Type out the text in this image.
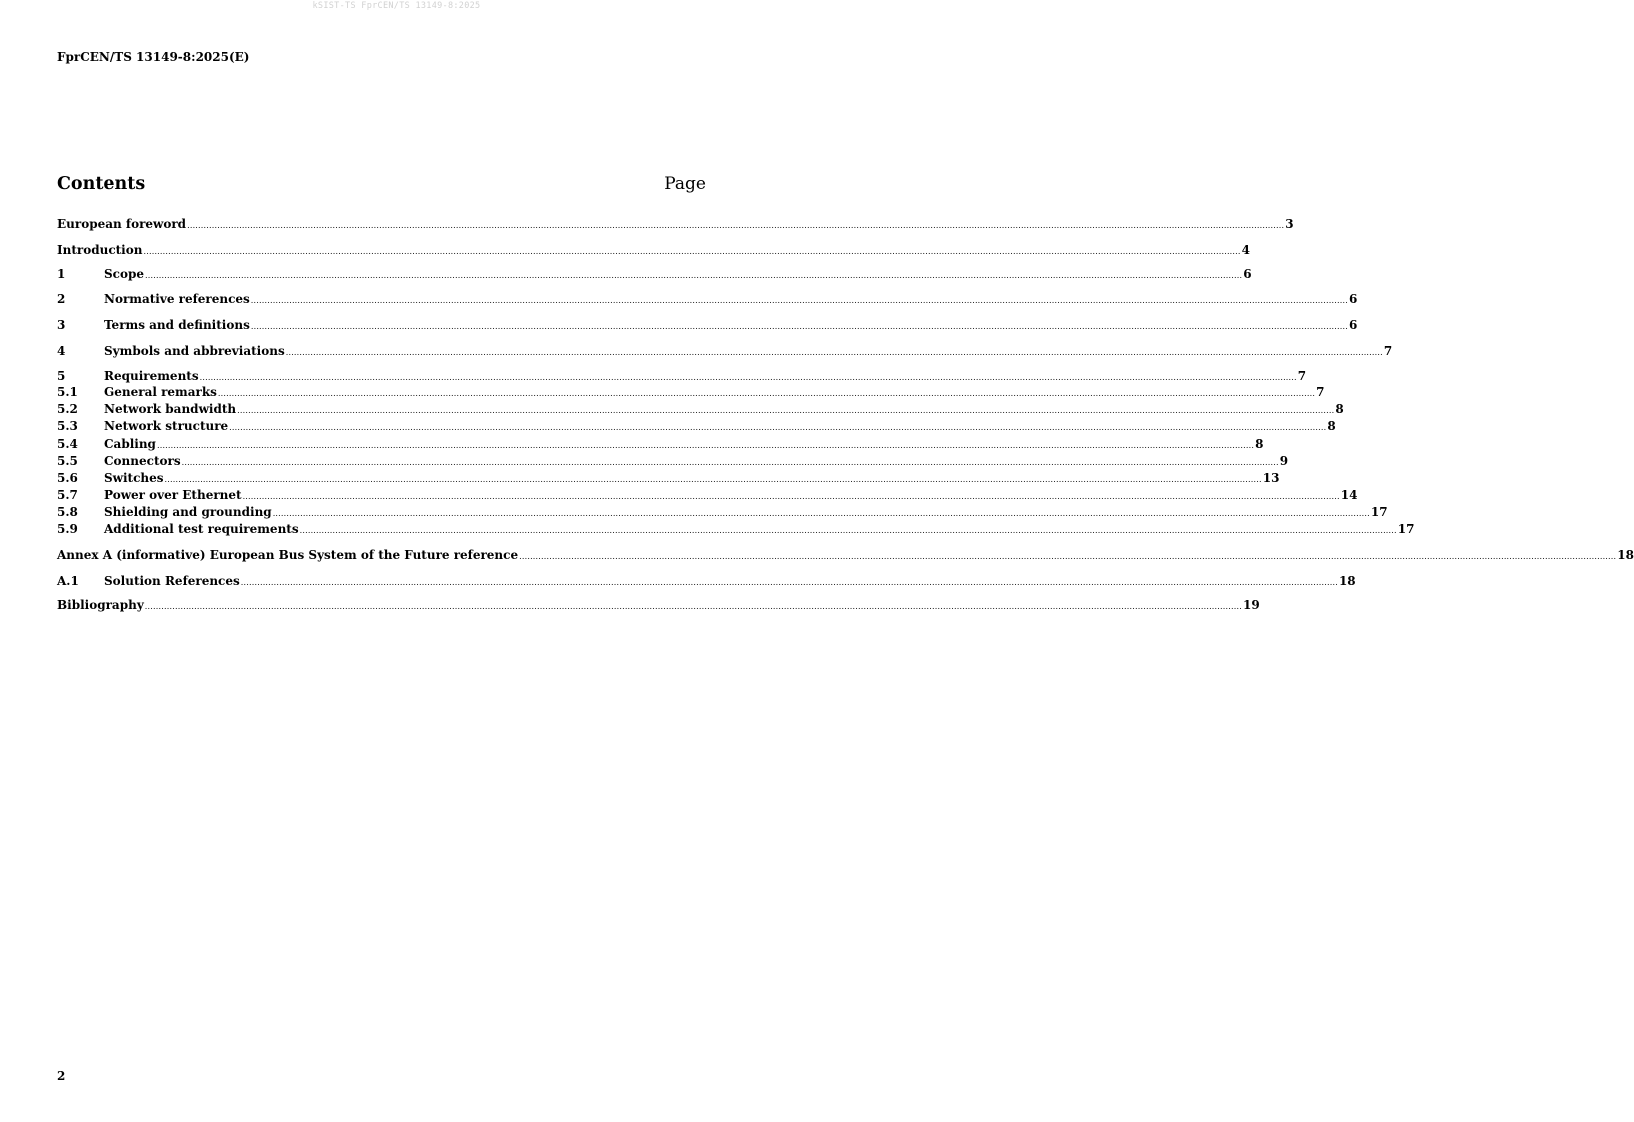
kSIST-TS FprCEN/TS 13149-8:2025
FprCEN/TS 13149-8:2025(E)
Contents	Page
European foreword ................................................................................................................................................................................................................................................................................................................................................................................................................ 3
Introduction ................................................................................................................................................................................................................................................................................................................................................................................................................ 4
1	Scope ................................................................................................................................................................................................................................................................................................................................................................................................................ 6
2	Normative references ................................................................................................................................................................................................................................................................................................................................................................................................................ 6
3	Terms and definitions ................................................................................................................................................................................................................................................................................................................................................................................................................ 6
4	Symbols and abbreviations ................................................................................................................................................................................................................................................................................................................................................................................................................ 7
5	Requirements ................................................................................................................................................................................................................................................................................................................................................................................................................ 7
5.1	General remarks ................................................................................................................................................................................................................................................................................................................................................................................................................ 7
5.2	Network bandwidth ................................................................................................................................................................................................................................................................................................................................................................................................................ 8
5.3	Network structure ................................................................................................................................................................................................................................................................................................................................................................................................................ 8
5.4	Cabling ................................................................................................................................................................................................................................................................................................................................................................................................................ 8
5.5	Connectors ................................................................................................................................................................................................................................................................................................................................................................................................................ 9
5.6	Switches ................................................................................................................................................................................................................................................................................................................................................................................................................ 13
5.7	Power over Ethernet ................................................................................................................................................................................................................................................................................................................................................................................................................ 14
5.8	Shielding and grounding ................................................................................................................................................................................................................................................................................................................................................................................................................ 17
5.9	Additional test requirements ................................................................................................................................................................................................................................................................................................................................................................................................................ 17
Annex A (informative) European Bus System of the Future reference ................................................................................................................................................................................................................................................................................................................................................................................................................ 18
A.1	Solution References ................................................................................................................................................................................................................................................................................................................................................................................................................ 18
Bibliography ................................................................................................................................................................................................................................................................................................................................................................................................................ 19
2
